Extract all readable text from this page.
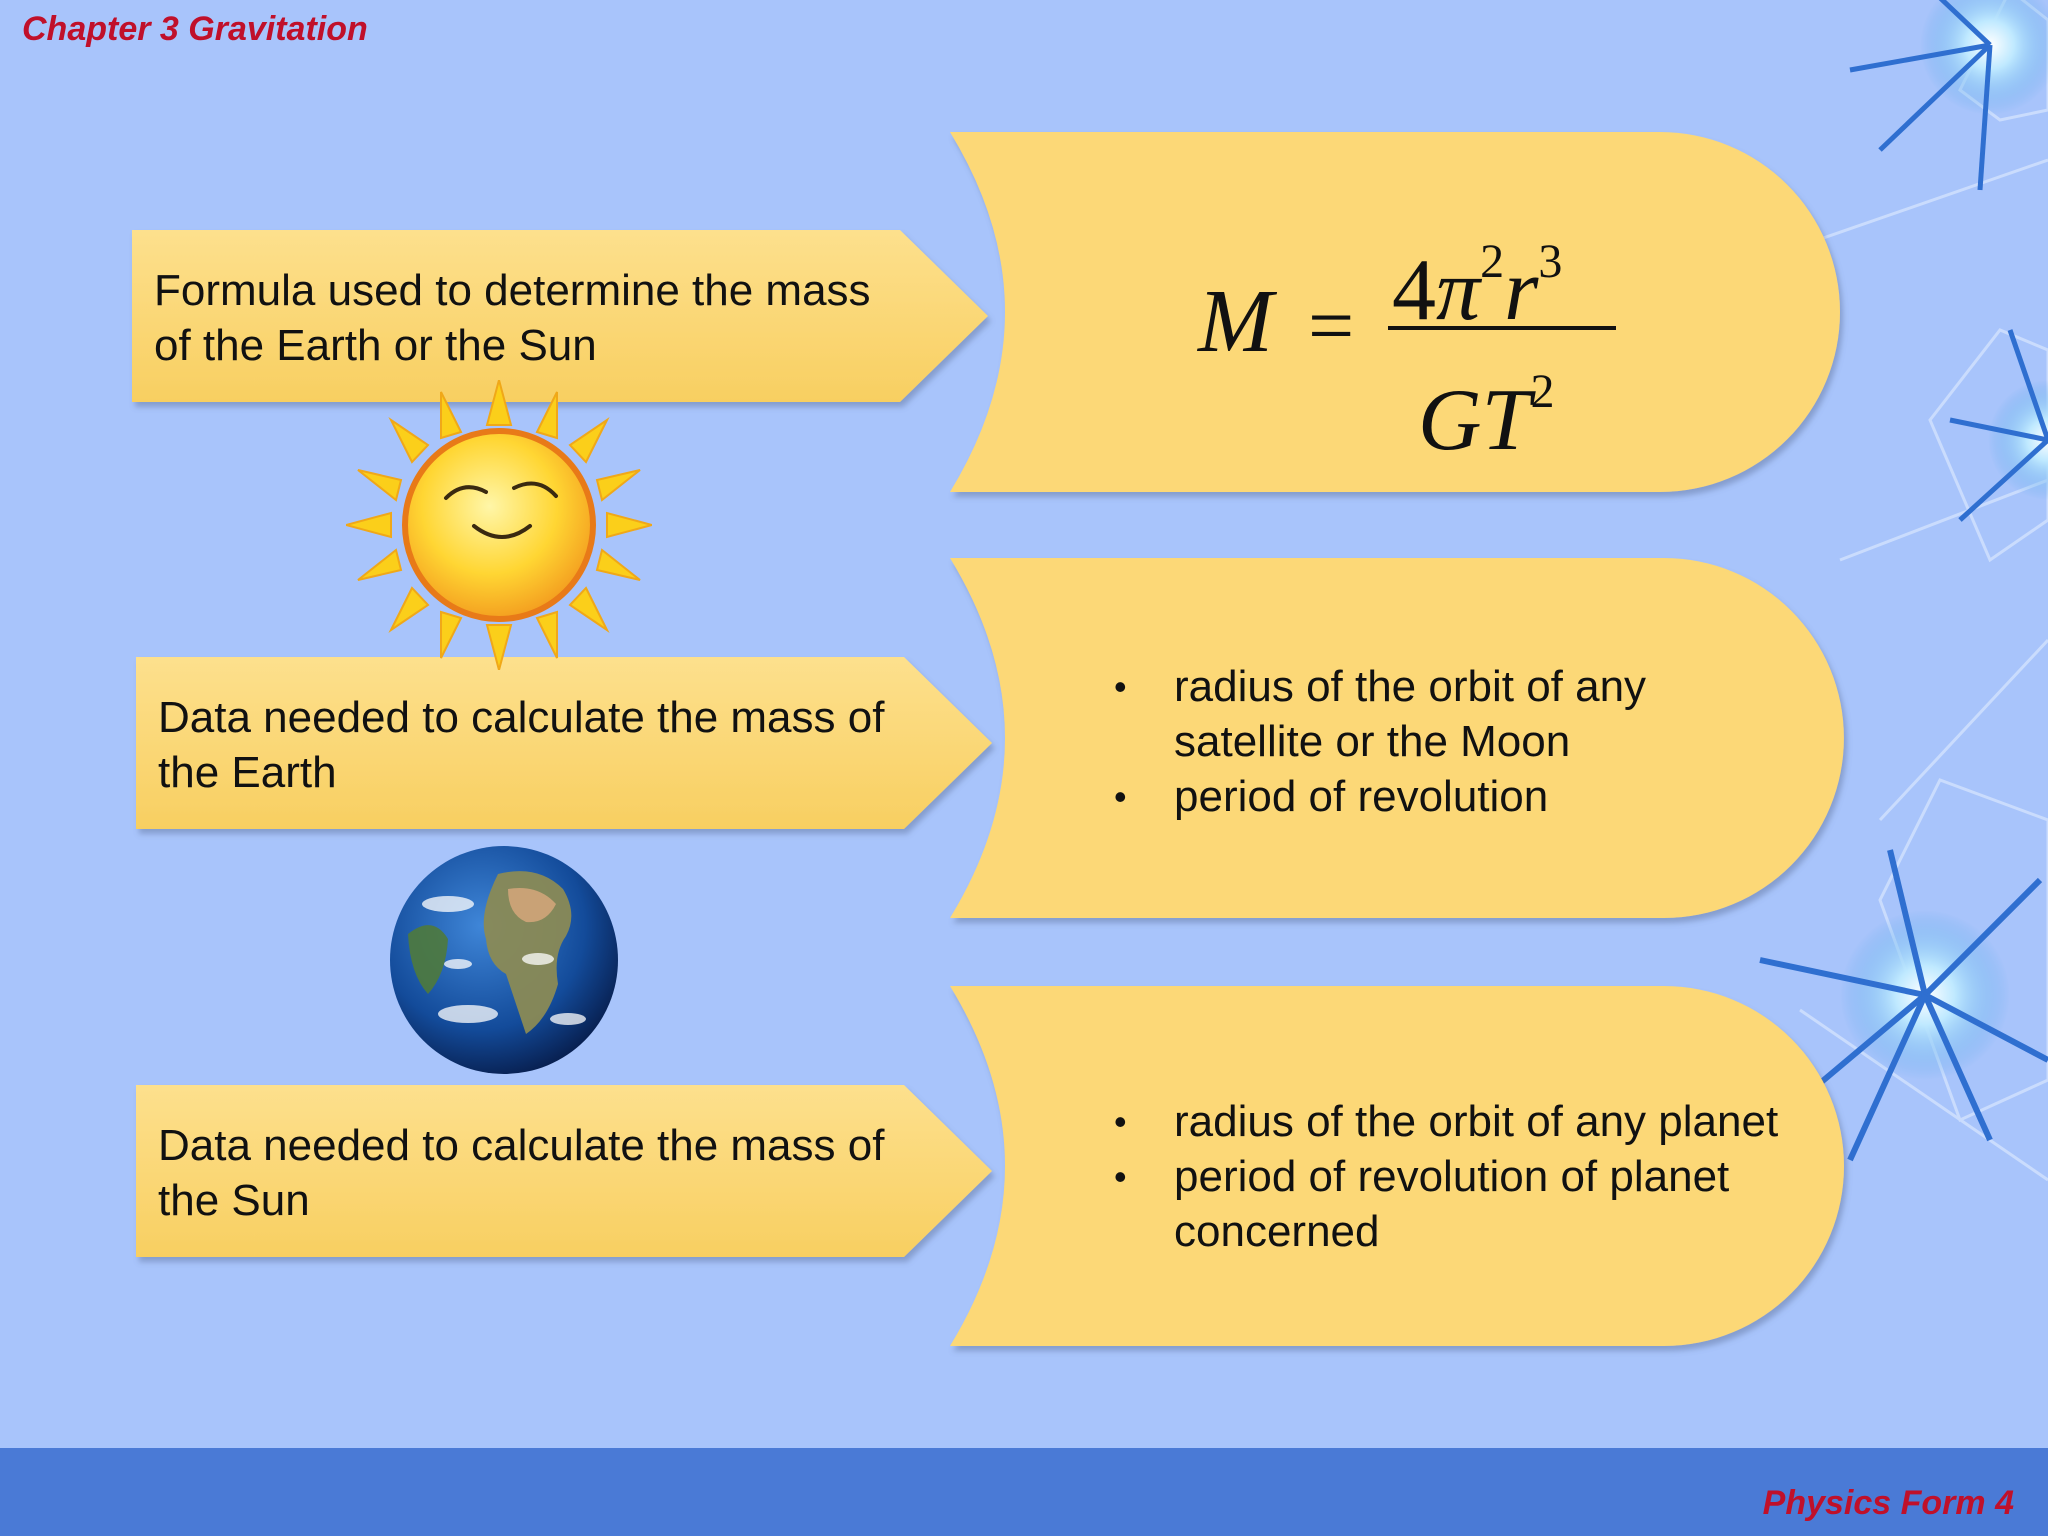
Chapter 3 Gravitation
Formula used to determine the mass
of the Earth or the Sun
Data needed to calculate the mass of
the Earth
Data needed to calculate the mass of
the Sun
$M = 4\pi^2r^3$
$GT^2$
• radius of the orbit of any
satellite or the Moon
• period of revolution
• radius of the orbit of any planet
• period of revolution of planet
concerned
Physics Form 4
